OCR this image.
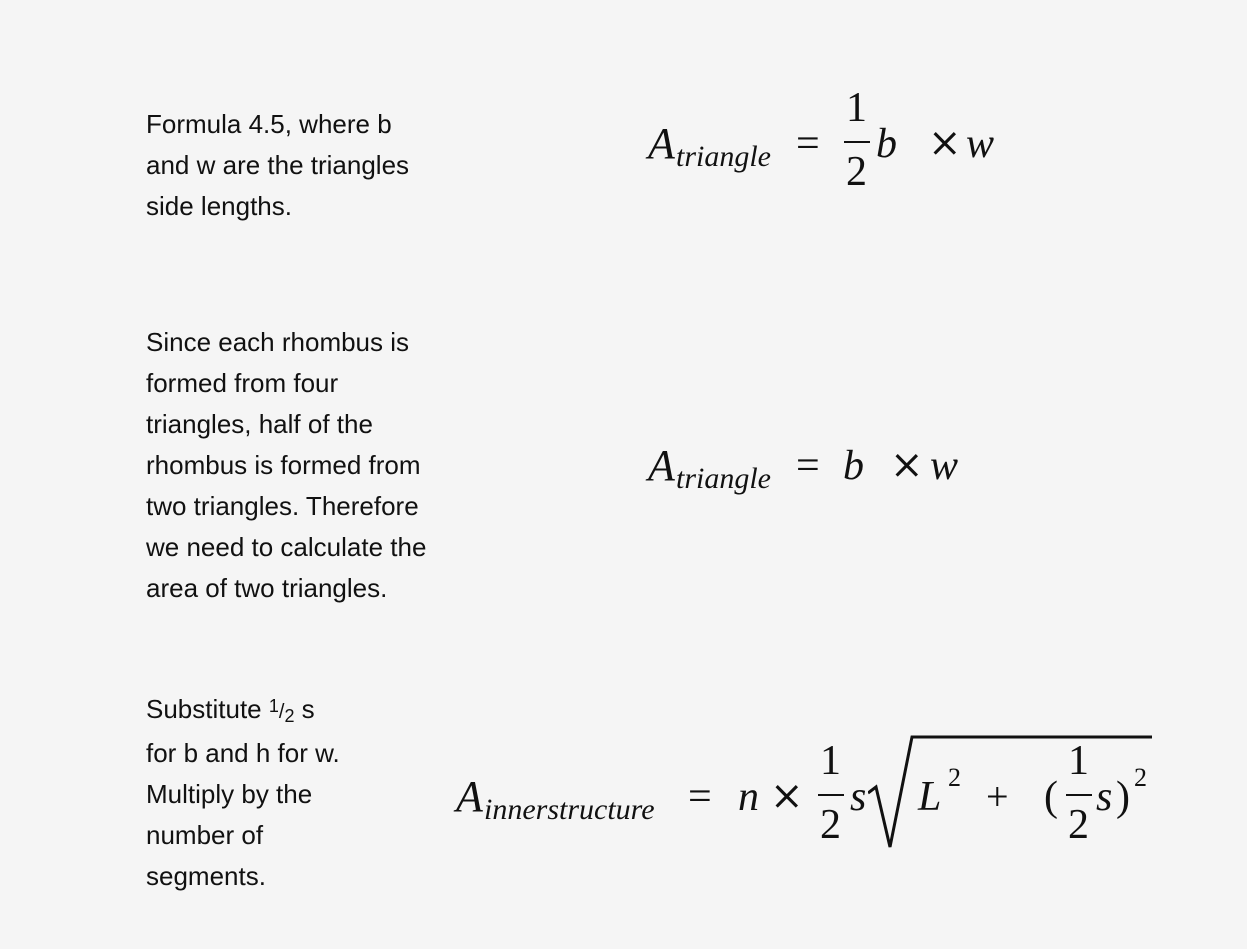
Formula 4.5, where b
and w are the triangles
side lengths.
A triangle =
1
2
b × w
Since each rhombus is
formed from four
triangles, half of the
rhombus is formed from
two triangles. Therefore
we need to calculate the
area of two triangles.
A triangle = b × w
Substitute 1/2 s
for b and h for w.
Multiply by the
number of
segments.
A innerstructure = n ×
1
2
s L 2 + (
1
2
s ) 2
